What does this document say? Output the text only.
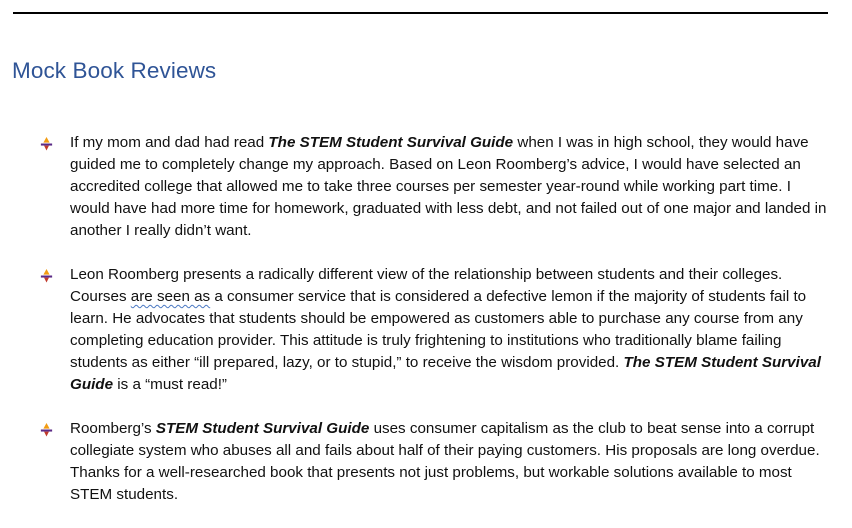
Mock Book Reviews
If my mom and dad had read The STEM Student Survival Guide when I was in high school, they would have guided me to completely change my approach. Based on Leon Roomberg’s advice, I would have selected an accredited college that allowed me to take three courses per semester year-round while working part time. I would have had more time for homework, graduated with less debt, and not failed out of one major and landed in another I really didn’t want.
Leon Roomberg presents a radically different view of the relationship between students and their colleges. Courses are seen as a consumer service that is considered a defective lemon if the majority of students fail to learn. He advocates that students should be empowered as customers able to purchase any course from any completing education provider. This attitude is truly frightening to institutions who traditionally blame failing students as either “ill prepared, lazy, or to stupid,” to receive the wisdom provided. The STEM Student Survival Guide is a “must read!”
Roomberg’s STEM Student Survival Guide uses consumer capitalism as the club to beat sense into a corrupt collegiate system who abuses all and fails about half of their paying customers. His proposals are long overdue. Thanks for a well-researched book that presents not just problems, but workable solutions available to most STEM students.
